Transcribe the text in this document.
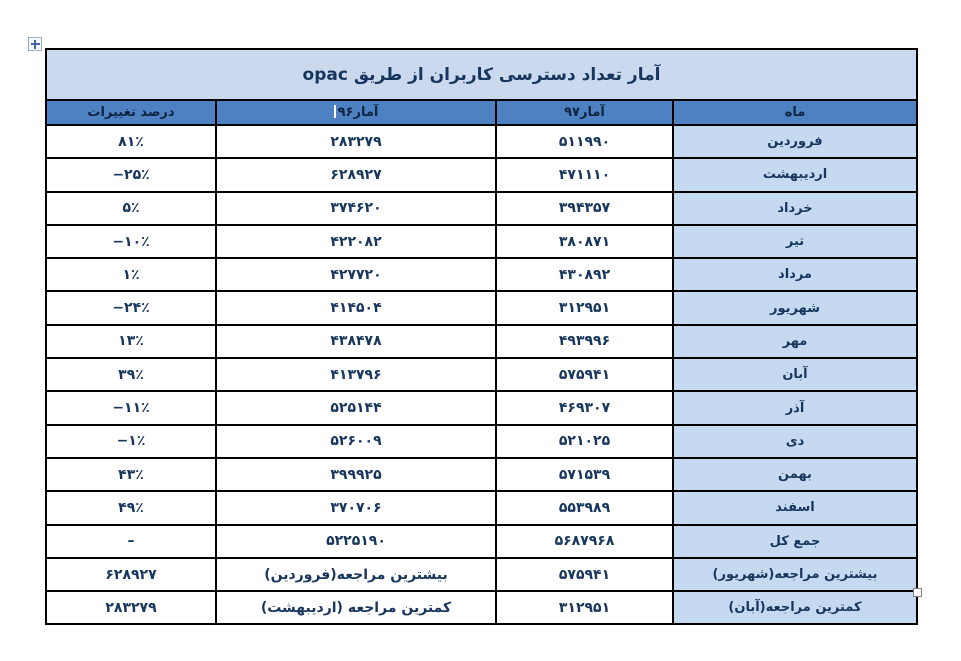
آمار تعداد دسترسی کاربران از طریق opac			
ماه	آمار۹۷	آمار۹۶	درصد تغییرات
فروردین	۵۱۱۹۹۰	۲۸۳۲۷۹	۸۱٪
اردیبهشت	۴۷۱۱۱۰	۶۲۸۹۲۷	−۲۵٪
خرداد	۳۹۴۳۵۷	۳۷۴۶۲۰	۵٪
تیر	۳۸۰۸۷۱	۴۲۲۰۸۲	−۱۰٪
مرداد	۴۳۰۸۹۲	۴۲۷۷۲۰	۱٪
شهریور	۳۱۲۹۵۱	۴۱۴۵۰۴	−۲۴٪
مهر	۴۹۳۹۹۶	۴۳۸۴۷۸	۱۳٪
آبان	۵۷۵۹۴۱	۴۱۳۷۹۶	۳۹٪
آذر	۴۶۹۳۰۷	۵۲۵۱۴۴	−۱۱٪
دی	۵۲۱۰۲۵	۵۲۶۰۰۹	−۱٪
بهمن	۵۷۱۵۳۹	۳۹۹۹۲۵	۴۳٪
اسفند	۵۵۳۹۸۹	۳۷۰۷۰۶	۴۹٪
جمع کل	۵۶۸۷۹۶۸	۵۲۲۵۱۹۰	–
بیشترین مراجعه(شهریور)	۵۷۵۹۴۱	بیشترین مراجعه(فروردین)	۶۲۸۹۲۷
کمترین مراجعه(آبان)	۳۱۲۹۵۱	کمترین مراجعه (اردیبهشت)	۲۸۳۲۷۹
